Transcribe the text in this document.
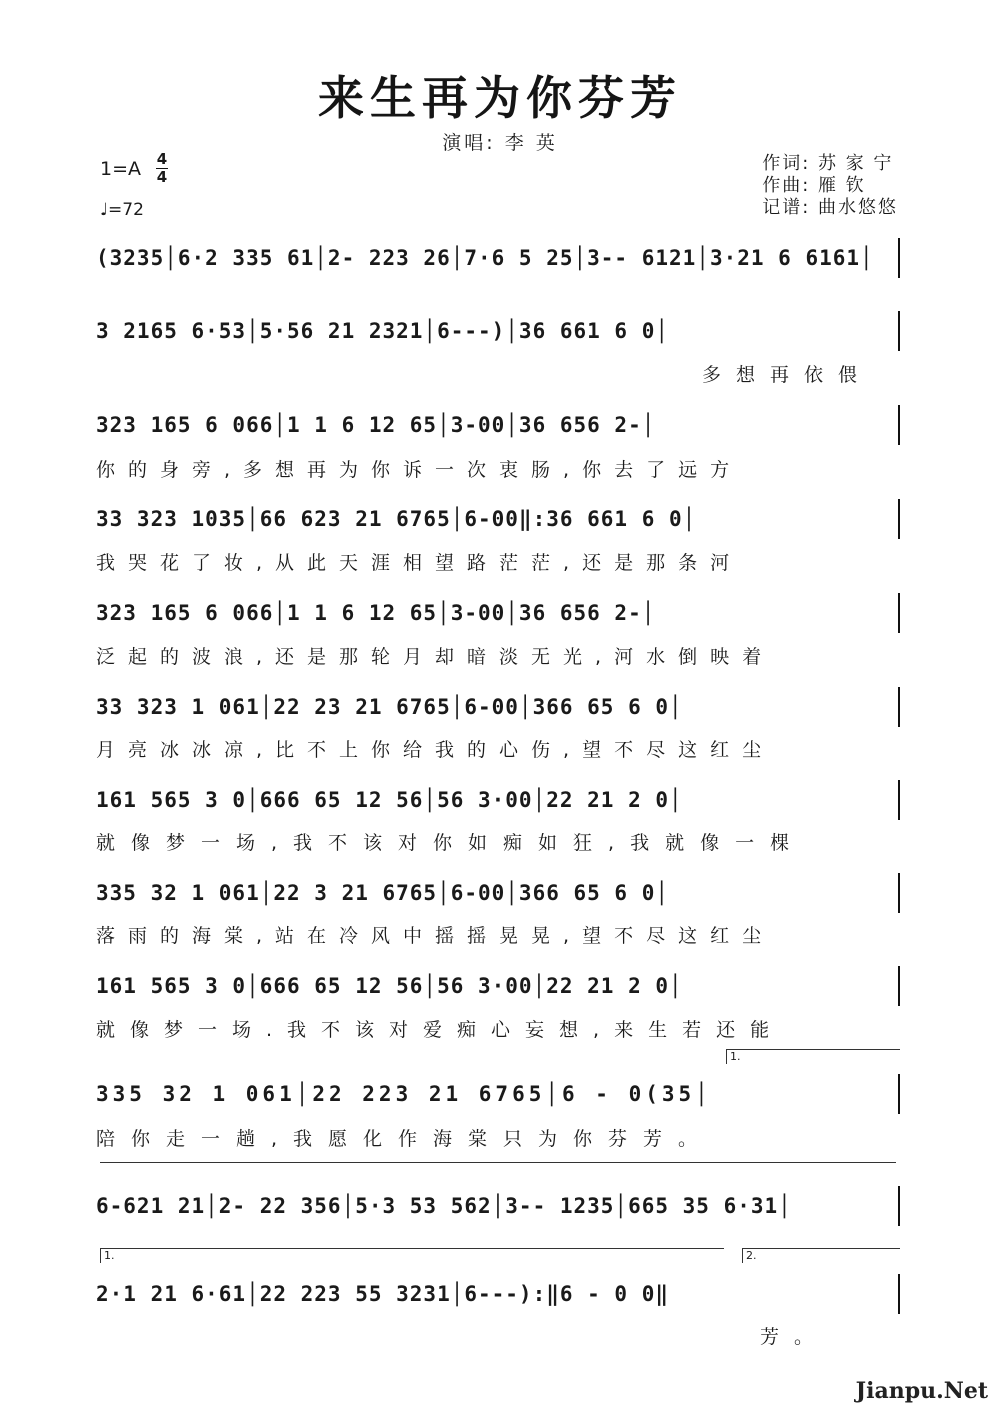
来生再为你芬芳
演唱: 李 英
1=A 4
4
♩=72
作词: 苏 家 宁
作曲: 雁 钦
记谱: 曲水悠悠
(3235│6·2 335 61│2- 223 26│7·6 5 25│3-- 6121│3·21 6 6161│
3 2165 6·53│5·56 21 2321│6---)│36 661 6 0│
多想再依偎
323 165 6 066│1 1 6 12 65│3-00│36 656 2-│
你的身旁,多想再为你诉一次衷肠,你去了远方
33 323 1035│66 623 21 6765│6-00‖:36 661 6 0│
我哭花了妆,从此天涯相望路茫茫,还是那条河
323 165 6 066│1 1 6 12 65│3-00│36 656 2-│
泛起的波浪,还是那轮月却暗淡无光,河水倒映着
33 323 1 061│22 23 21 6765│6-00│366 65 6 0│
月亮冰冰凉,比不上你给我的心伤,望不尽这红尘
161 565 3 0│666 65 12 56│56 3·00│22 21 2 0│
就像梦一场,我不该对你如痴如狂,我就像一棵
335 32 1 061│22 3 21 6765│6-00│366 65 6 0│
落雨的海棠,站在冷风中摇摇晃晃,望不尽这红尘
161 565 3 0│666 65 12 56│56 3·00│22 21 2 0│
就像梦一场.我不该对爱痴心妄想,来生若还能
1.
335 32 1 061│22 223 21 6765│6 - 0(35│
陪你走一趟,我愿化作海棠只为你芬芳。
6-621 21│2- 22 356│5·3 53 562│3-- 1235│665 35 6·31│
1.	2.
2·1 21 6·61│22 223 55 3231│6---):‖6 - 0 0‖
芳。
Jianpu.Net
